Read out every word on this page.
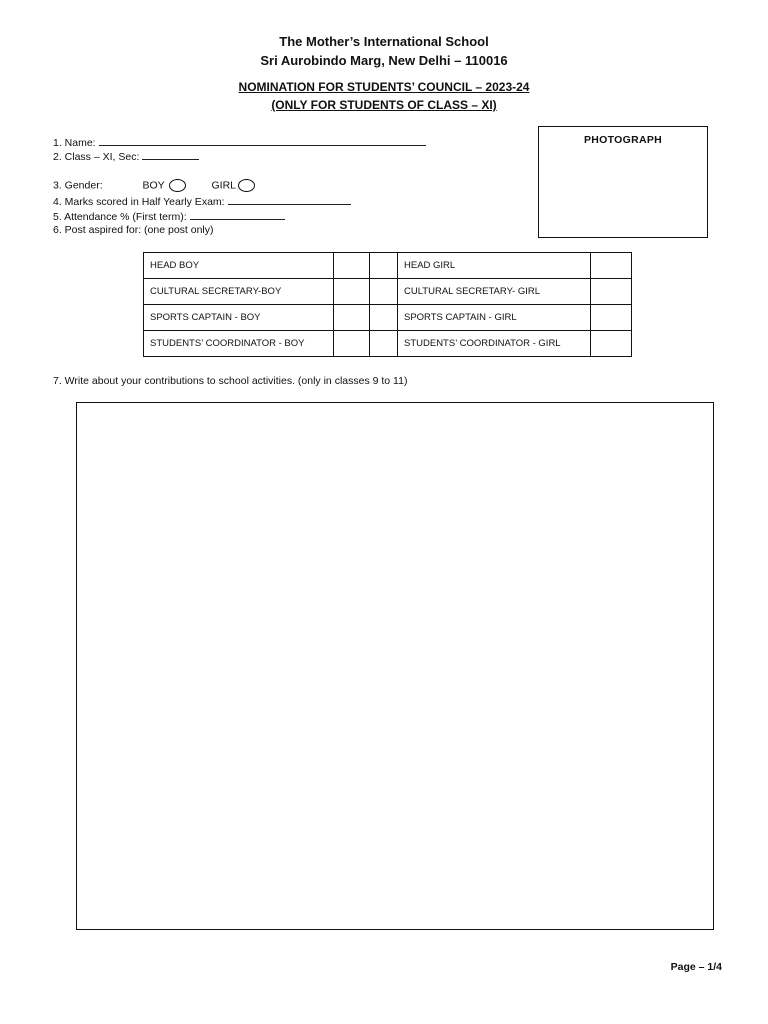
The Mother’s International School
Sri Aurobindo Marg, New Delhi – 110016
NOMINATION FOR STUDENTS’ COUNCIL – 2023-24
(ONLY FOR STUDENTS OF CLASS – XI)
1. Name:
2. Class – XI, Sec:
3. Gender:	BOY	GIRL
4. Marks scored in Half Yearly Exam:
5. Attendance % (First term):
6. Post aspired for: (one post only)
PHOTOGRAPH
HEAD BOY			HEAD GIRL	
CULTURAL SECRETARY-BOY			CULTURAL SECRETARY- GIRL	
SPORTS CAPTAIN - BOY			SPORTS CAPTAIN - GIRL	
STUDENTS’ COORDINATOR - BOY			STUDENTS’ COORDINATOR - GIRL	
7. Write about your contributions to school activities. (only in classes 9 to 11)
Page – 1/4
